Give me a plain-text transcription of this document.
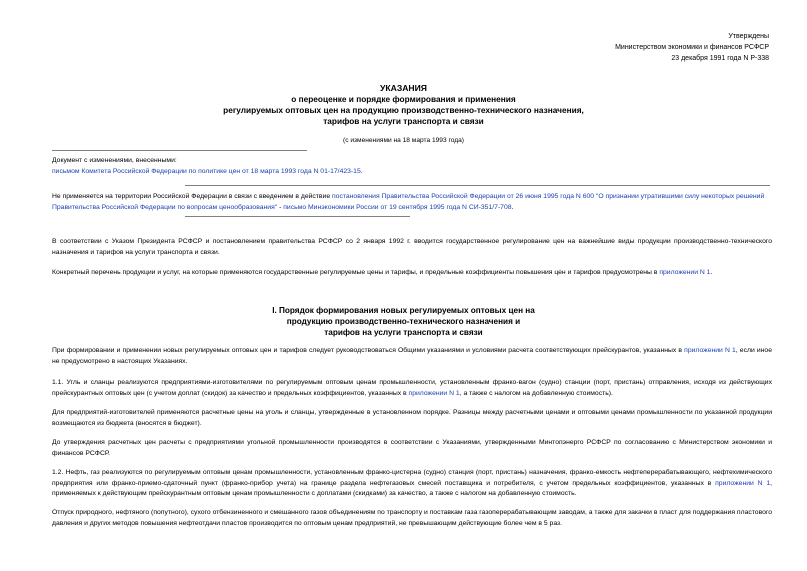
Утверждены
Министерством экономики и финансов РСФСР
23 декабря 1991 года N Р-338
УКАЗАНИЯ
о переоценке и порядке формирования и применения
регулируемых оптовых цен на продукцию производственно-технического назначения,
тарифов на услуги транспорта и связи
(с изменениями на 18 марта 1993 года)
Документ с изменениями, внесенными:
письмом Комитета Российской Федерации по политике цен от 18 марта 1993 года N 01-17/423-15.
Не применяется на территории Российской Федерации в связи с введением в действие постановления Правительства Российской Федерации от 26 июня 1995 года N 600 "О признании утратившими силу некоторых решений Правительства Российской Федерации по вопросам ценообразования" - письмо Минэкономики России от 19 сентября 1995 года N СИ-351/7-708.
В соответствии с Указом Президента РСФСР и постановлением правительства РСФСР со 2 января 1992 г. вводится государственное регулирование цен на важнейшие виды продукции производственно-технического назначения и тарифов на услуги транспорта и связи.
Конкретный перечень продукции и услуг, на которые применяются государственные регулируемые цены и тарифы, и предельные коэффициенты повышения цен и тарифов предусмотрены в приложении N 1.
I. Порядок формирования новых регулируемых оптовых цен на
продукцию производственно-технического назначения и
тарифов на услуги транспорта и связи
При формировании и применении новых регулируемых оптовых цен и тарифов следует руководствоваться Общими указаниями и условиями расчета соответствующих прейскурантов, указанных в приложении N 1, если иное не предусмотрено в настоящих Указаниях.
1.1. Угль и сланцы реализуются предприятиями-изготовителями по регулируемым оптовым ценам промышленности, установленным франко-вагон (судно) станции (порт, пристань) отправления, исходя из действующих прейскурантных оптовых цен (с учетом доплат (скидок) за качество и предельных коэффициентов, указанных в приложении N 1, а также с налогом на добавленную стоимость).
Для предприятий-изготовителей применяются расчетные цены на уголь и сланцы, утвержденные в установленном порядке. Разницы между расчетными ценами и оптовыми ценами промышленности по указанной продукции возмещаются из бюджета (вносятся в бюджет).
До утверждения расчетных цен расчеты с предприятиями угольной промышленности производятся в соответствии с Указаниями, утвержденными Минтопэнерго РСФСР по согласованию с Министерством экономики и финансов РСФСР.
1.2. Нефть, газ реализуются по регулируемым оптовым ценам промышленности, установленным франко-цистерна (судно) станция (порт, пристань) назначения, франко-емкость нефтеперерабатывающего, нефтехимического предприятия или франко-приемо-сдаточный пункт (франко-прибор учета) на границе раздела нефтегазовых смесей поставщика и потребителя, с учетом предельных коэффициентов, указанных в приложении N 1, применяемых к действующим прейскурантным оптовым ценам промышленности с доплатами (скидками) за качество, а также с налогом на добавленную стоимость.
Отпуск природного, нефтяного (попутного), сухого отбензиненного и смешанного газов объединениям по транспорту и поставкам газа газоперерабатывающим заводам, а также для закачки в пласт для поддержания пластового давления и других методов повышения нефтеотдачи пластов производится по оптовым ценам предприятий, не превышающим действующие более чем в 5 раз.
